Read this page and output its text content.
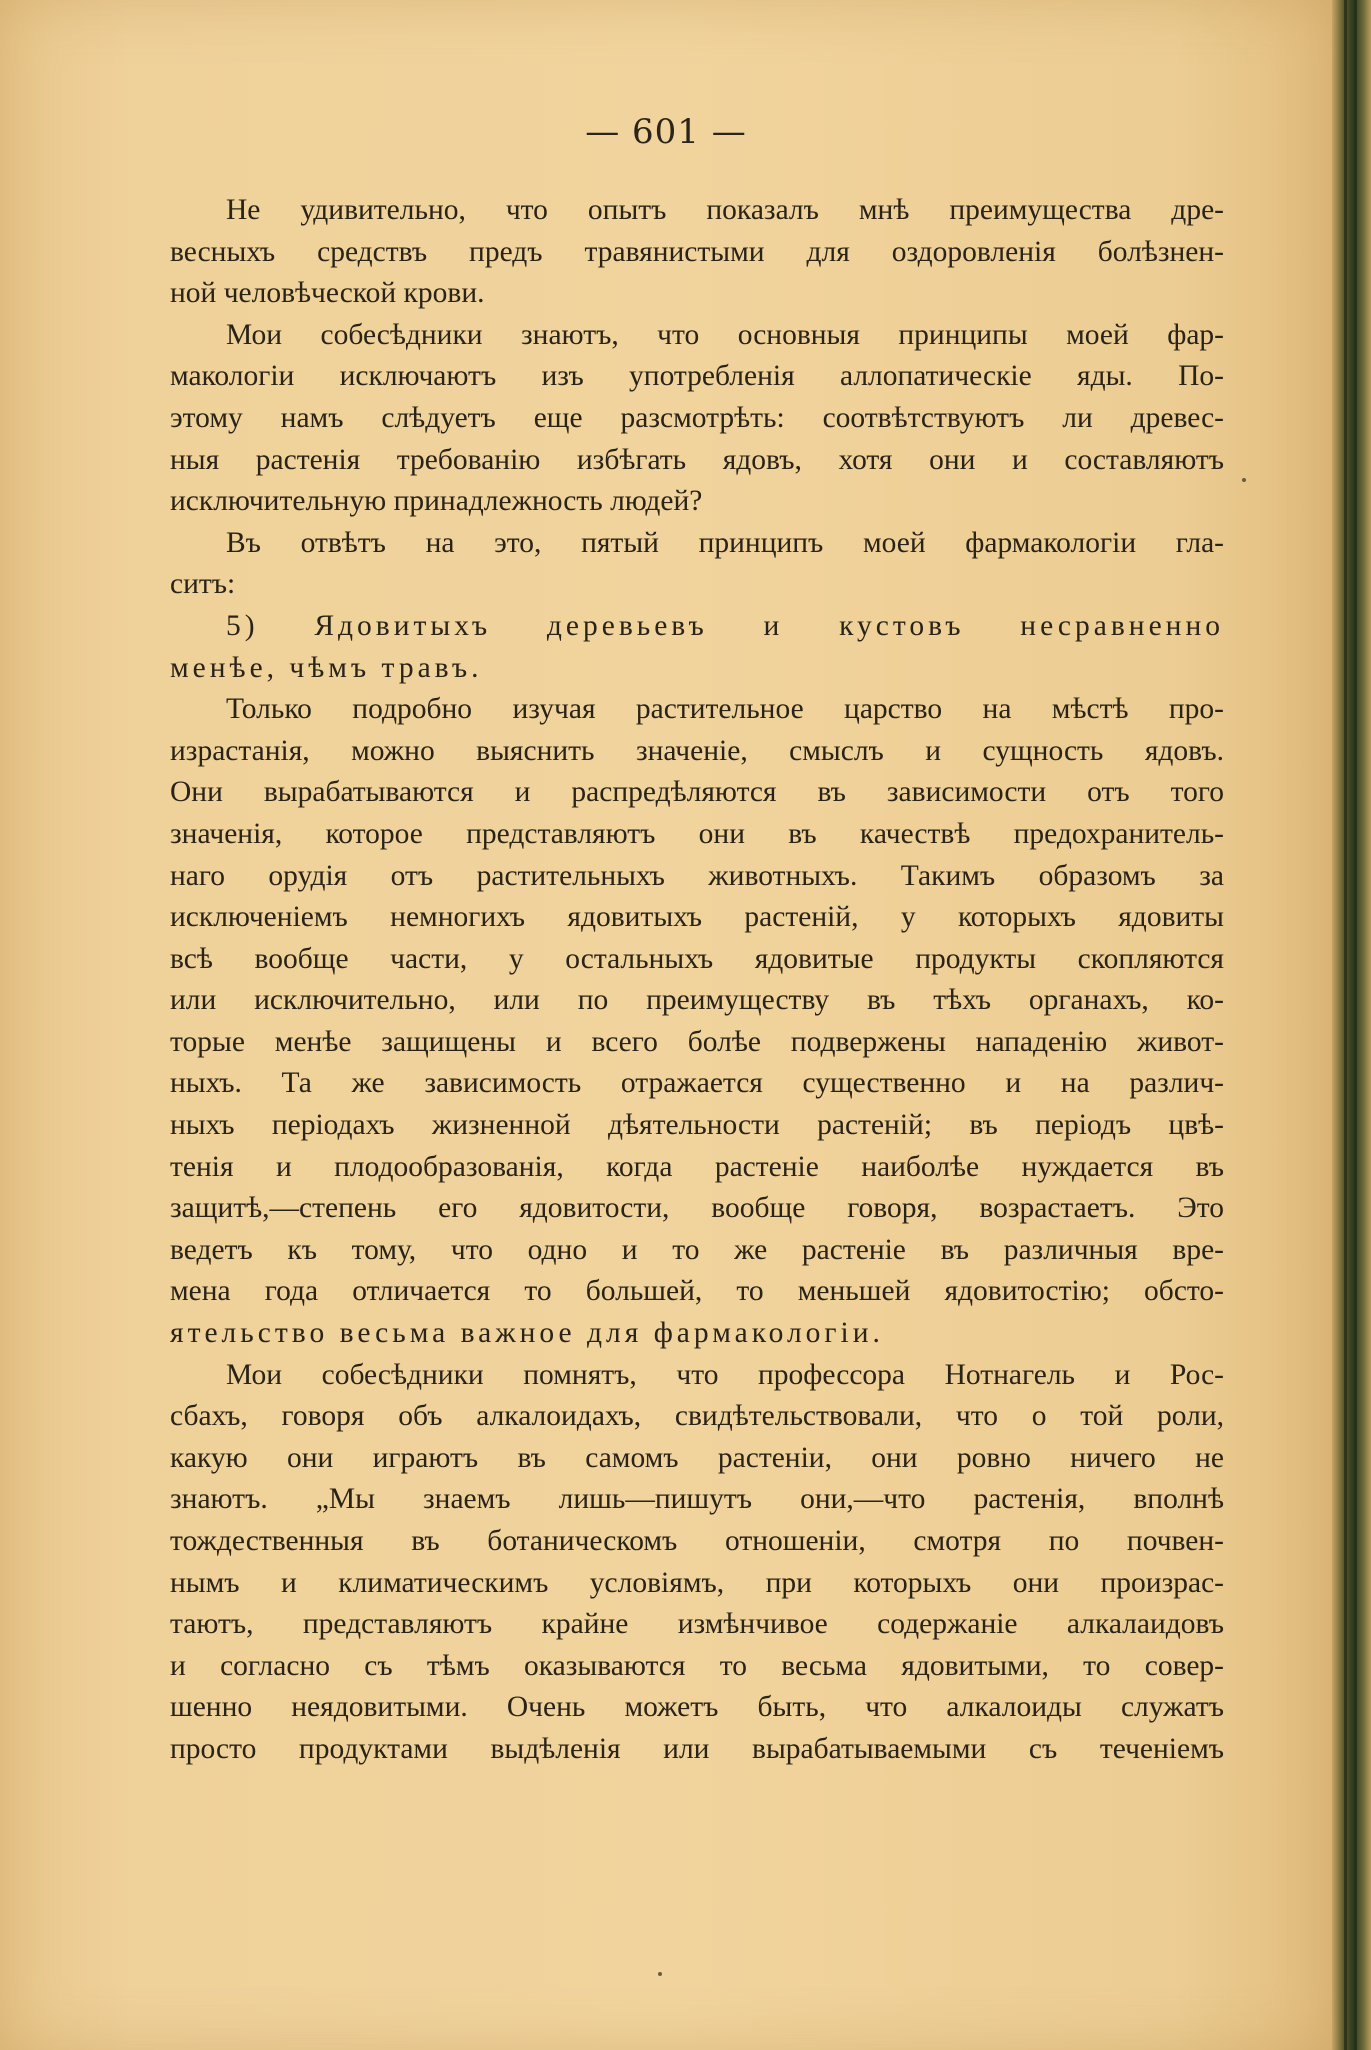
— 601 —
Не удивительно, что опытъ показалъ мнѣ преимущества дре-
весныхъ средствъ предъ травянистыми для оздоровленія болѣзнен-
ной человѣческой крови.
Мои собесѣдники знаютъ, что основныя принципы моей фар-
макологіи исключаютъ изъ употребленія аллопатическіе яды. По-
этому намъ слѣдуетъ еще разсмотрѣть: соотвѣтствуютъ ли древес-
ныя растенія требованію избѣгать ядовъ, хотя они и составляютъ
исключительную принадлежность людей?
Въ отвѣтъ на это, пятый принципъ моей фармакологіи гла-
ситъ:
5) Ядовитыхъ деревьевъ и кустовъ несравненно
менѣе, чѣмъ травъ.
Только подробно изучая растительное царство на мѣстѣ про-
израстанія, можно выяснить значеніе, смыслъ и сущность ядовъ.
Они вырабатываются и распредѣляются въ зависимости отъ того
значенія, которое представляютъ они въ качествѣ предохранитель-
наго орудія отъ растительныхъ животныхъ. Такимъ образомъ за
исключеніемъ немногихъ ядовитыхъ растеній, у которыхъ ядовиты
всѣ вообще части, у остальныхъ ядовитые продукты скопляются
или исключительно, или по преимуществу въ тѣхъ органахъ, ко-
торые менѣе защищены и всего болѣе подвержены нападенію живот-
ныхъ. Та же зависимость отражается существенно и на различ-
ныхъ періодахъ жизненной дѣятельности растеній; въ періодъ цвѣ-
тенія и плодообразованія, когда растеніе наиболѣе нуждается въ
защитѣ,—степень его ядовитости, вообще говоря, возрастаетъ. Это
ведетъ къ тому, что одно и то же растеніе въ различныя вре-
мена года отличается то большей, то меньшей ядовитостію; обсто-
ятельство весьма важное для фармакологіи.
Мои собесѣдники помнятъ, что профессора Нотнагель и Рос-
сбахъ, говоря объ алкалоидахъ, свидѣтельствовали, что о той роли,
какую они играютъ въ самомъ растеніи, они ровно ничего не
знаютъ. „Мы знаемъ лишь—пишутъ они,—что растенія, вполнѣ
тождественныя въ ботаническомъ отношеніи, смотря по почвен-
нымъ и климатическимъ условіямъ, при которыхъ они произрас-
таютъ, представляютъ крайне измѣнчивое содержаніе алкалаидовъ
и согласно съ тѣмъ оказываются то весьма ядовитыми, то совер-
шенно неядовитыми. Очень можетъ быть, что алкалоиды служатъ
просто продуктами выдѣленія или вырабатываемыми съ теченіемъ
